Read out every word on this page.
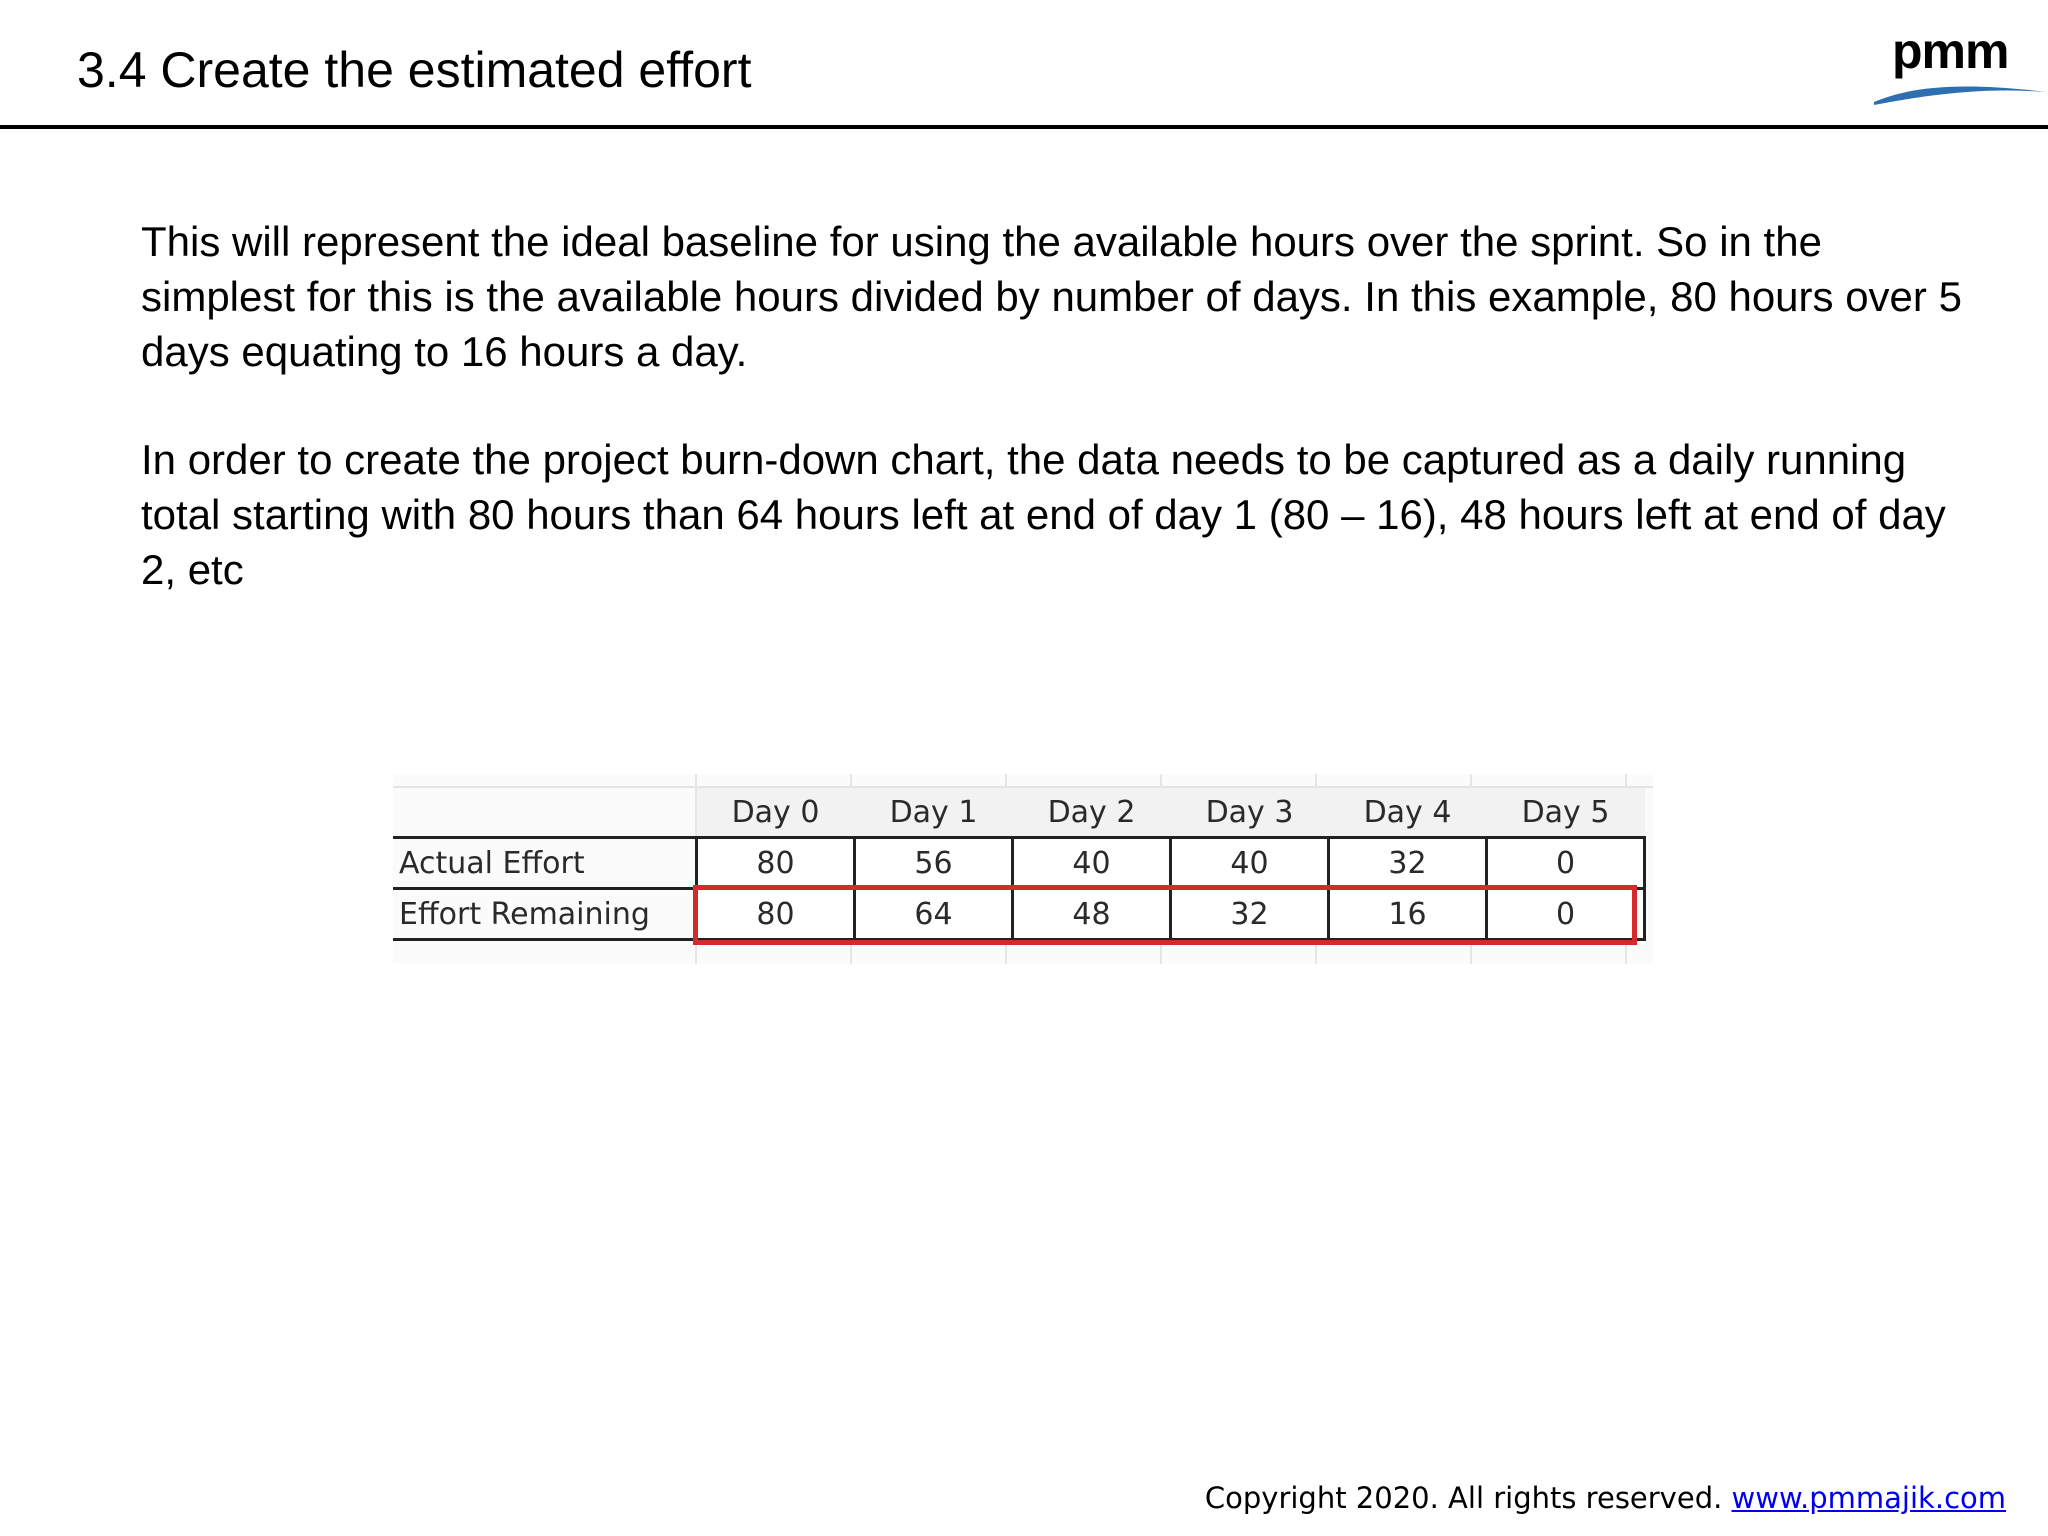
3.4 Create the estimated effort	pmm

This will represent the ideal baseline for using the available hours over the sprint. So in the simplest for this is the available hours divided by number of days. In this example, 80 hours over 5 days equating to 16 hours a day.

In order to create the project burn-down chart, the data needs to be captured as a daily running total starting with 80 hours than 64 hours left at end of day 1 (80 – 16), 48 hours left at end of day 2, etc

	Day 0	Day 1	Day 2	Day 3	Day 4	Day 5
Actual Effort	80	56	40	40	32	0
Effort Remaining	80	64	48	32	16	0
Copyright 2020. All rights reserved. www.pmmajik.com
